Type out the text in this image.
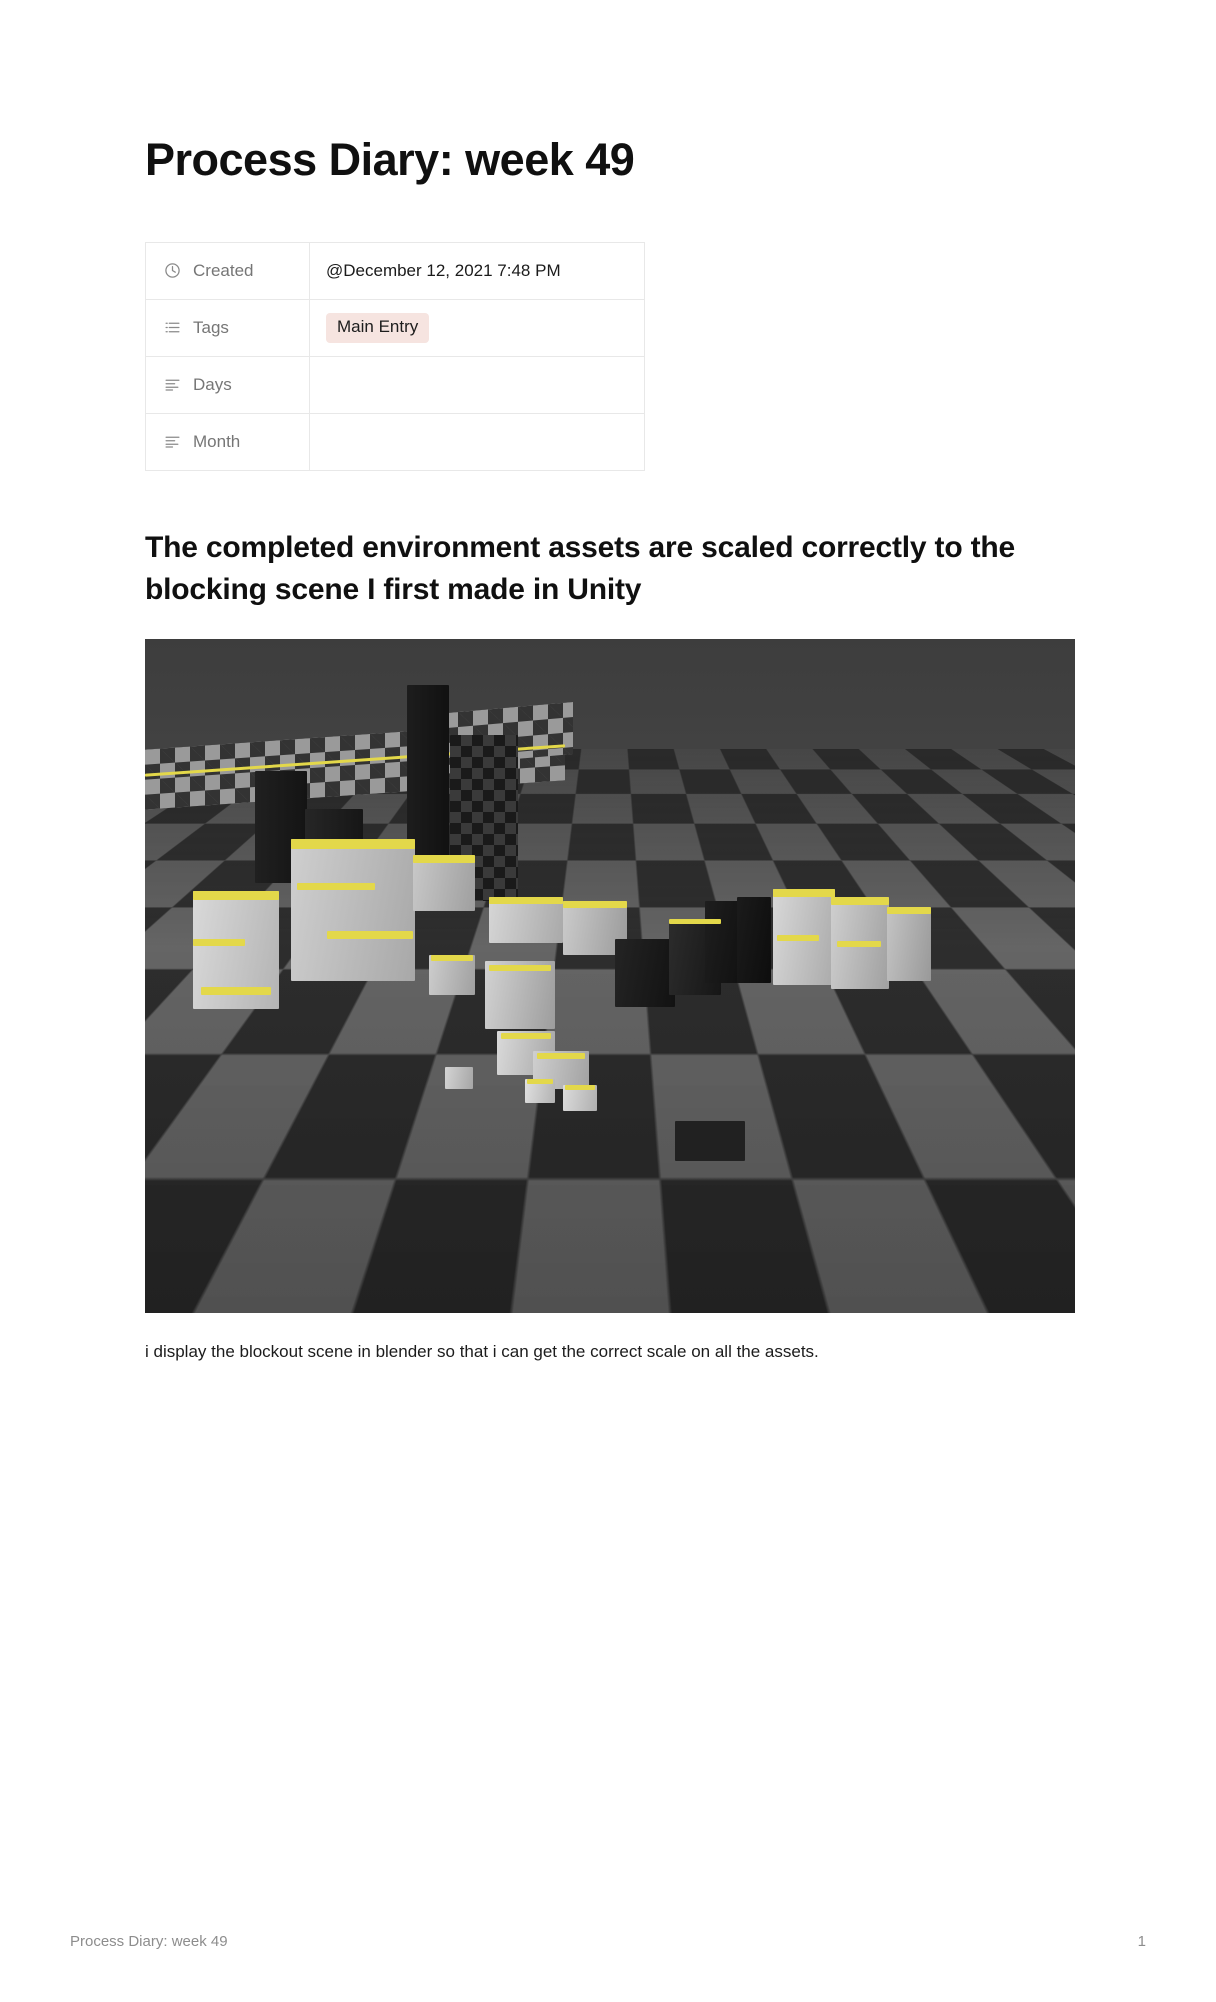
Process Diary: week 49
Created	@December 12, 2021 7:48 PM

Tags	Main Entry

Days	

Month	

The completed environment assets are scaled correctly to the blocking scene I first made in Unity

i display the blockout scene in blender so that i can get the correct scale on all the assets.

Process Diary: week 49	1
